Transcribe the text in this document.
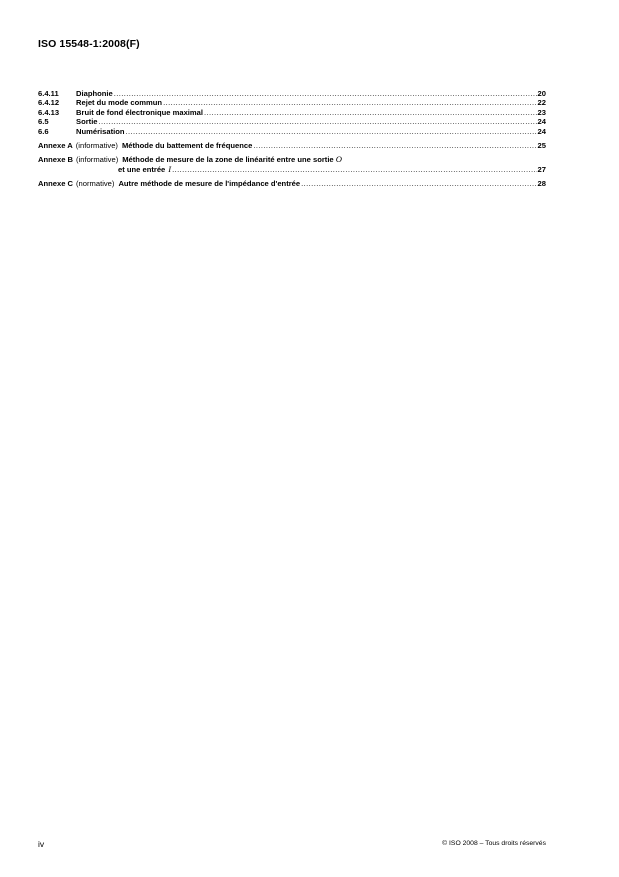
ISO 15548-1:2008(F)
6.4.11	Diaphonie .....	20
6.4.12	Rejet du mode commun .....	22
6.4.13	Bruit de fond électronique maximal .....	23
6.5	Sortie .....	24
6.6	Numérisation .....	24
Annexe A (informative) Méthode du battement de fréquence .....	25
Annexe B (informative) Méthode de mesure de la zone de linéarité entre une sortie O
et une entrée I .....	27
Annexe C (normative) Autre méthode de mesure de l'impédance d'entrée .....	28
iv	© ISO 2008 – Tous droits réservés
